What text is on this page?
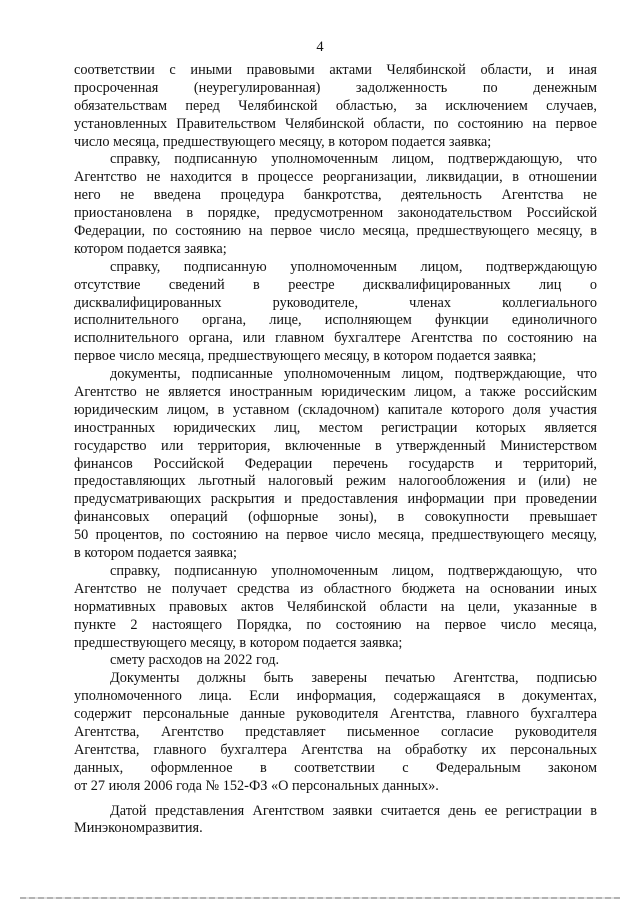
4
соответствии с иными правовыми актами Челябинской области, и иная
просроченная (неурегулированная) задолженность по денежным
обязательствам перед Челябинской областью, за исключением случаев,
установленных Правительством Челябинской области, по состоянию на первое
число месяца, предшествующего месяцу, в котором подается заявка;
справку, подписанную уполномоченным лицом, подтверждающую, что
Агентство не находится в процессе реорганизации, ликвидации, в отношении
него не введена процедура банкротства, деятельность Агентства не
приостановлена в порядке, предусмотренном законодательством Российской
Федерации, по состоянию на первое число месяца, предшествующего месяцу, в
котором подается заявка;
справку, подписанную уполномоченным лицом, подтверждающую
отсутствие сведений в реестре дисквалифицированных лиц о
дисквалифицированных руководителе, членах коллегиального
исполнительного органа, лице, исполняющем функции единоличного
исполнительного органа, или главном бухгалтере Агентства по состоянию на
первое число месяца, предшествующего месяцу, в котором подается заявка;
документы, подписанные уполномоченным лицом, подтверждающие, что
Агентство не является иностранным юридическим лицом, а также российским
юридическим лицом, в уставном (складочном) капитале которого доля участия
иностранных юридических лиц, местом регистрации которых является
государство или территория, включенные в утвержденный Министерством
финансов Российской Федерации перечень государств и территорий,
предоставляющих льготный налоговый режим налогообложения и (или) не
предусматривающих раскрытия и предоставления информации при проведении
финансовых операций (офшорные зоны), в совокупности превышает
50 процентов, по состоянию на первое число месяца, предшествующего месяцу,
в котором подается заявка;
справку, подписанную уполномоченным лицом, подтверждающую, что
Агентство не получает средства из областного бюджета на основании иных
нормативных правовых актов Челябинской области на цели, указанные в
пункте 2 настоящего Порядка, по состоянию на первое число месяца,
предшествующего месяцу, в котором подается заявка;
смету расходов на 2022 год.
Документы должны быть заверены печатью Агентства, подписью
уполномоченного лица. Если информация, содержащаяся в документах,
содержит персональные данные руководителя Агентства, главного бухгалтера
Агентства, Агентство представляет письменное согласие руководителя
Агентства, главного бухгалтера Агентства на обработку их персональных
данных, оформленное в соответствии с Федеральным законом
от 27 июля 2006 года № 152-ФЗ «О персональных данных».
Датой представления Агентством заявки считается день ее регистрации в
Минэкономразвития.
